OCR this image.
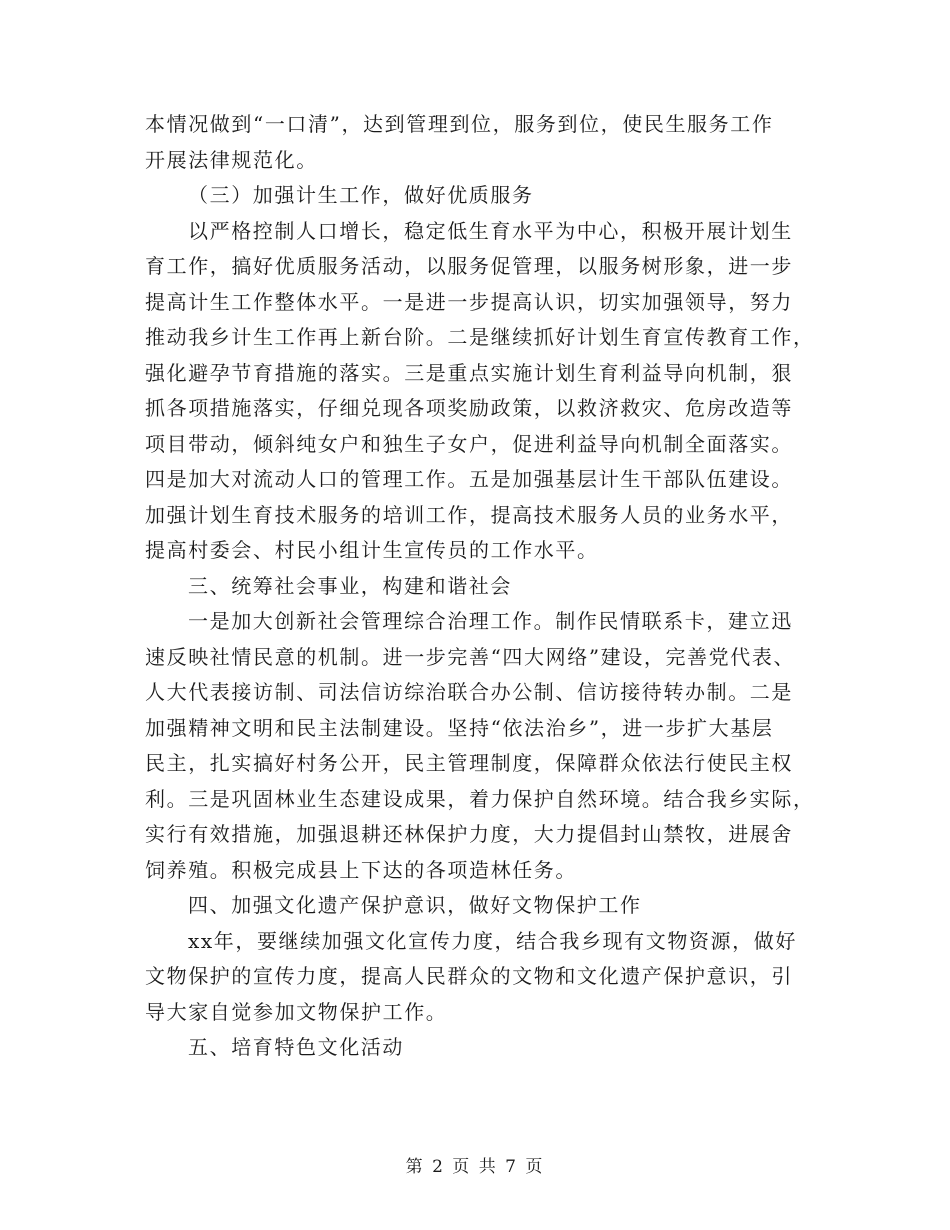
本情况做到“一口清”，达到管理到位，服务到位，使民生服务工作
开展法律规范化。
（三）加强计生工作，做好优质服务
以严格控制人口增长，稳定低生育水平为中心，积极开展计划生
育工作，搞好优质服务活动，以服务促管理，以服务树形象，进一步
提高计生工作整体水平。一是进一步提高认识，切实加强领导，努力
推动我乡计生工作再上新台阶。二是继续抓好计划生育宣传教育工作，
强化避孕节育措施的落实。三是重点实施计划生育利益导向机制，狠
抓各项措施落实，仔细兑现各项奖励政策，以救济救灾、危房改造等
项目带动，倾斜纯女户和独生子女户，促进利益导向机制全面落实。
四是加大对流动人口的管理工作。五是加强基层计生干部队伍建设。
加强计划生育技术服务的培训工作，提高技术服务人员的业务水平，
提高村委会、村民小组计生宣传员的工作水平。
三、统筹社会事业，构建和谐社会
一是加大创新社会管理综合治理工作。制作民情联系卡，建立迅
速反映社情民意的机制。进一步完善“四大网络”建设，完善党代表、
人大代表接访制、司法信访综治联合办公制、信访接待转办制。二是
加强精神文明和民主法制建设。坚持“依法治乡”，进一步扩大基层
民主，扎实搞好村务公开，民主管理制度，保障群众依法行使民主权
利。三是巩固林业生态建设成果，着力保护自然环境。结合我乡实际，
实行有效措施，加强退耕还林保护力度，大力提倡封山禁牧，进展舍
饲养殖。积极完成县上下达的各项造林任务。
四、加强文化遗产保护意识，做好文物保护工作
xx年，要继续加强文化宣传力度，结合我乡现有文物资源，做好
文物保护的宣传力度，提高人民群众的文物和文化遗产保护意识，引
导大家自觉参加文物保护工作。
五、培育特色文化活动
第 2 页 共 7 页
